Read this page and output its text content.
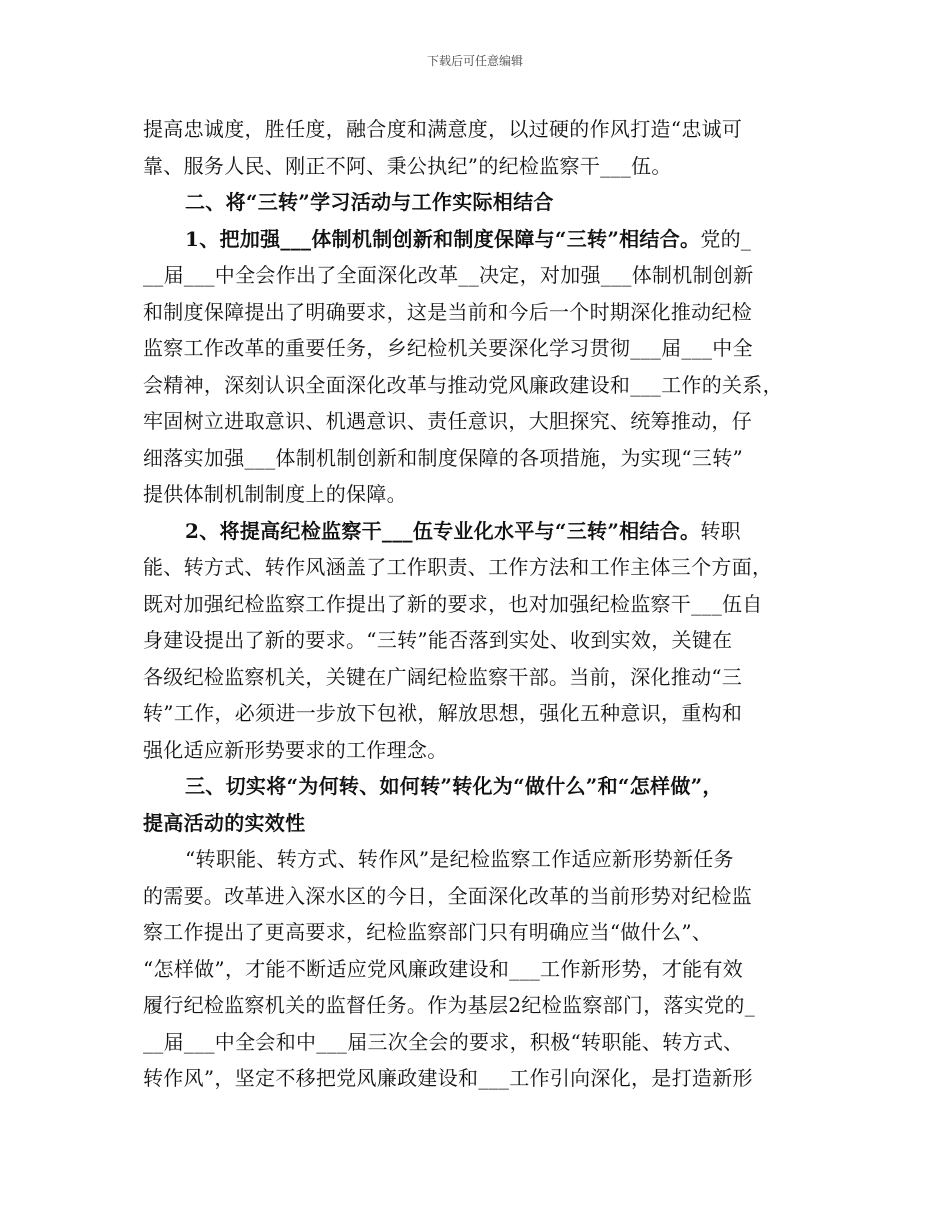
下载后可任意编辑
提高忠诚度，胜任度，融合度和满意度，以过硬的作风打造“忠诚可
靠、服务人民、刚正不阿、秉公执纪”的纪检监察干___伍。
二、将“三转”学习活动与工作实际相结合
1、把加强___体制机制创新和制度保障与“三转”相结合。党的_
__届___中全会作出了全面深化改革__决定，对加强___体制机制创新
和制度保障提出了明确要求，这是当前和今后一个时期深化推动纪检
监察工作改革的重要任务，乡纪检机关要深化学习贯彻___届___中全
会精神，深刻认识全面深化改革与推动党风廉政建设和___工作的关系，
牢固树立进取意识、机遇意识、责任意识，大胆探究、统筹推动，仔
细落实加强___体制机制创新和制度保障的各项措施，为实现“三转”
提供体制机制制度上的保障。
2、将提高纪检监察干___伍专业化水平与“三转”相结合。转职
能、转方式、转作风涵盖了工作职责、工作方法和工作主体三个方面，
既对加强纪检监察工作提出了新的要求，也对加强纪检监察干___伍自
身建设提出了新的要求。“三转”能否落到实处、收到实效，关键在
各级纪检监察机关，关键在广阔纪检监察干部。当前，深化推动“三
转”工作，必须进一步放下包袱，解放思想，强化五种意识，重构和
强化适应新形势要求的工作理念。
三、切实将“为何转、如何转”转化为“做什么”和“怎样做”，
提高活动的实效性
“转职能、转方式、转作风”是纪检监察工作适应新形势新任务
的需要。改革进入深水区的今日，全面深化改革的当前形势对纪检监
察工作提出了更高要求，纪检监察部门只有明确应当“做什么”、
“怎样做”，才能不断适应党风廉政建设和___工作新形势，才能有效
履行纪检监察机关的监督任务。作为基层2纪检监察部门，落实党的_
__届___中全会和中___届三次全会的要求，积极“转职能、转方式、
转作风”，坚定不移把党风廉政建设和___工作引向深化，是打造新形
